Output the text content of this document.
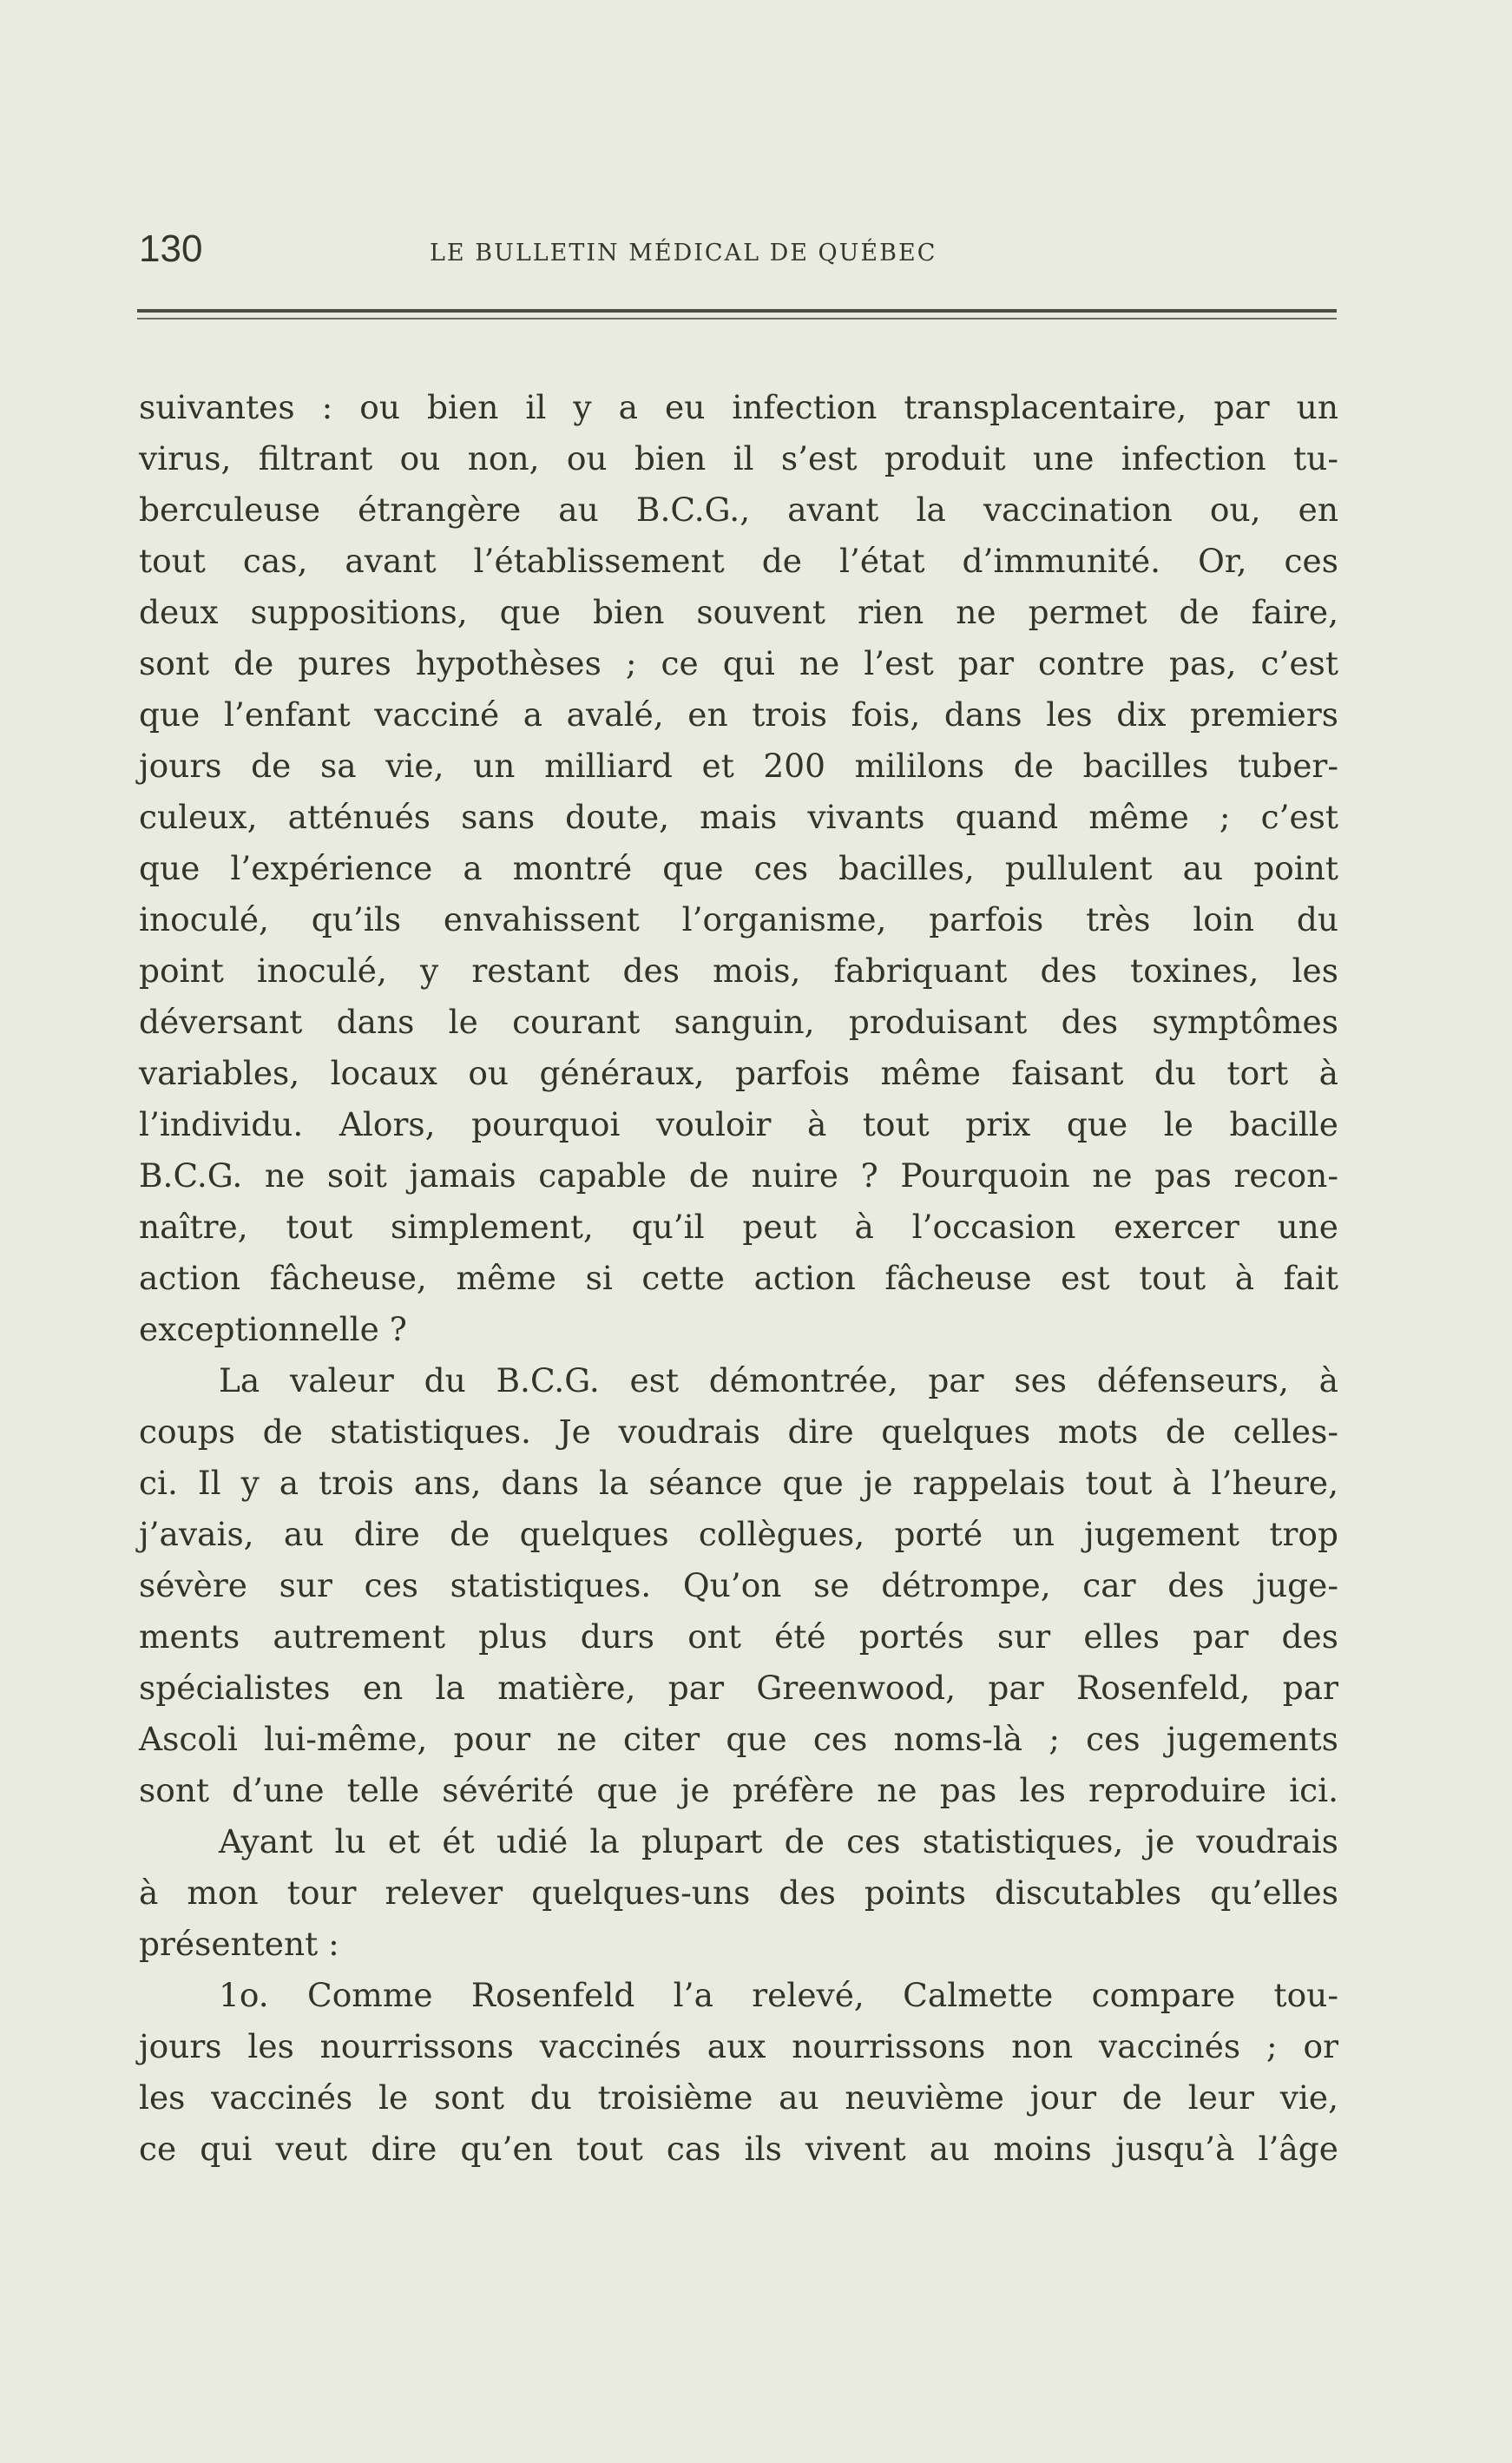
130	LE BULLETIN MÉDICAL DE QUÉBEC
suivantes : ou bien il y a eu infection transplacentaire, par un
virus, filtrant ou non, ou bien il s’est produit une infection tu-
berculeuse étrangère au B.C.G., avant la vaccination ou, en
tout cas, avant l’établissement de l’état d’immunité. Or, ces
deux suppositions, que bien souvent rien ne permet de faire,
sont de pures hypothèses ; ce qui ne l’est par contre pas, c’est
que l’enfant vacciné a avalé, en trois fois, dans les dix premiers
jours de sa vie, un milliard et 200 mililons de bacilles tuber-
culeux, atténués sans doute, mais vivants quand même ; c’est
que l’expérience a montré que ces bacilles, pullulent au point
inoculé, qu’ils envahissent l’organisme, parfois très loin du
point inoculé, y restant des mois, fabriquant des toxines, les
déversant dans le courant sanguin, produisant des symptômes
variables, locaux ou généraux, parfois même faisant du tort à
l’individu. Alors, pourquoi vouloir à tout prix que le bacille
B.C.G. ne soit jamais capable de nuire ? Pourquoin ne pas recon-
naître, tout simplement, qu’il peut à l’occasion exercer une
action fâcheuse, même si cette action fâcheuse est tout à fait
exceptionnelle ?
La valeur du B.C.G. est démontrée, par ses défenseurs, à
coups de statistiques. Je voudrais dire quelques mots de celles-
ci. Il y a trois ans, dans la séance que je rappelais tout à l’heure,
j’avais, au dire de quelques collègues, porté un jugement trop
sévère sur ces statistiques. Qu’on se détrompe, car des juge-
ments autrement plus durs ont été portés sur elles par des
spécialistes en la matière, par Greenwood, par Rosenfeld, par
Ascoli lui-même, pour ne citer que ces noms-là ; ces jugements
sont d’une telle sévérité que je préfère ne pas les reproduire ici.
Ayant lu et ét udié la plupart de ces statistiques, je voudrais
à mon tour relever quelques-uns des points discutables qu’elles
présentent :
1o. Comme Rosenfeld l’a relevé, Calmette compare tou-
jours les nourrissons vaccinés aux nourrissons non vaccinés ; or
les vaccinés le sont du troisième au neuvième jour de leur vie,
ce qui veut dire qu’en tout cas ils vivent au moins jusqu’à l’âge
